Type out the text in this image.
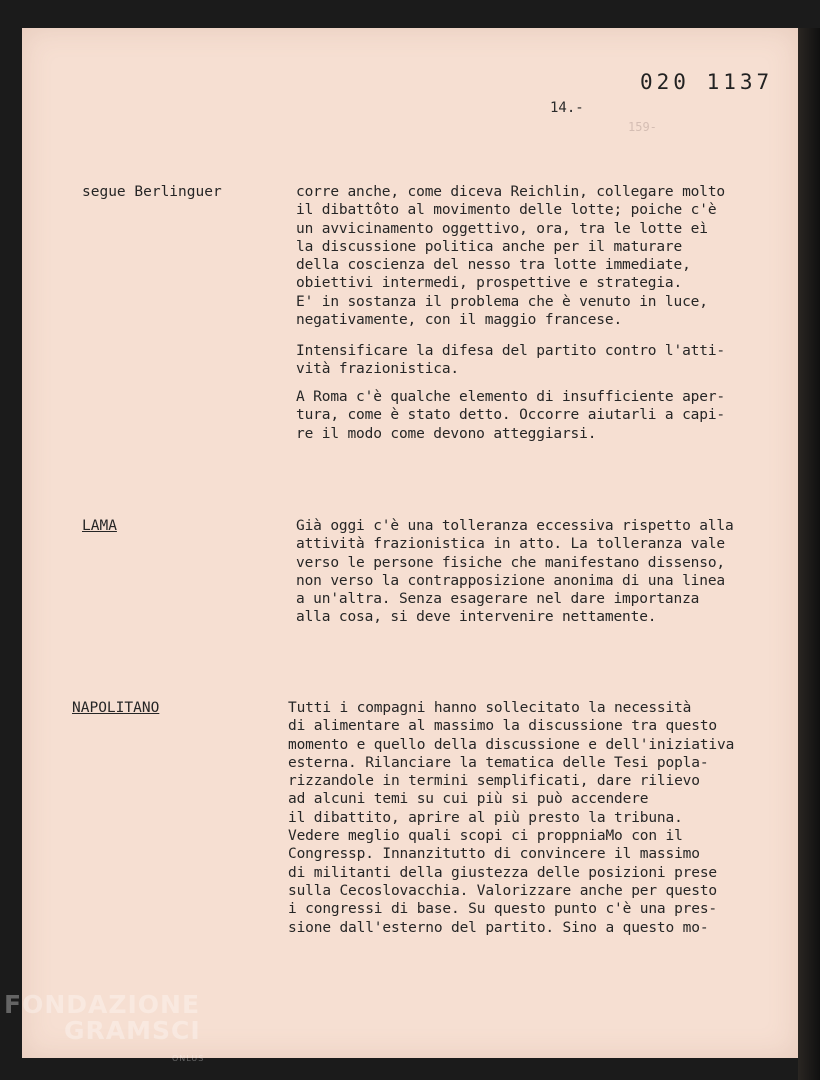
020 1137
14.-
159-
segue Berlinguer	corre anche, come diceva Reichlin, collegare molto
il dibattôto al movimento delle lotte; poiche c'è
un avvicinamento oggettivo, ora, tra le lotte eì
la discussione politica anche per il maturare
della coscienza del nesso tra lotte immediate,
obiettivi intermedi, prospettive e strategia.
E' in sostanza il problema che è venuto in luce,
negativamente, con il maggio francese.

Intensificare la difesa del partito contro l'atti-
vità frazionistica.

A Roma c'è qualche elemento di insufficiente aper-
tura, come è stato detto. Occorre aiutarli a capi-
re il modo come devono atteggiarsi.

LAMA	Già oggi c'è una tolleranza eccessiva rispetto alla
attività frazionistica in atto. La tolleranza vale
verso le persone fisiche che manifestano dissenso,
non verso la contrapposizione anonima di una linea
a un'altra. Senza esagerare nel dare importanza
alla cosa, si deve intervenire nettamente.

NAPOLITANO	Tutti i compagni hanno sollecitato la necessità
di alimentare al massimo la discussione tra questo
momento e quello della discussione e dell'iniziativa
esterna. Rilanciare la tematica delle Tesi popla-
rizzandole in termini semplificati, dare rilievo
ad alcuni temi su cui più si può accendere
il dibattito, aprire al più presto la tribuna.
Vedere meglio quali scopi ci proppniaMo con il
Congressp. Innanzitutto di convincere il massimo
di militanti della giustezza delle posizioni prese
sulla Cecoslovacchia. Valorizzare anche per questo
i congressi di base. Su questo punto c'è una pres-
sione dall'esterno del partito. Sino a questo mo-

FONDAZIONE
GRAMSCI
ONLUS
